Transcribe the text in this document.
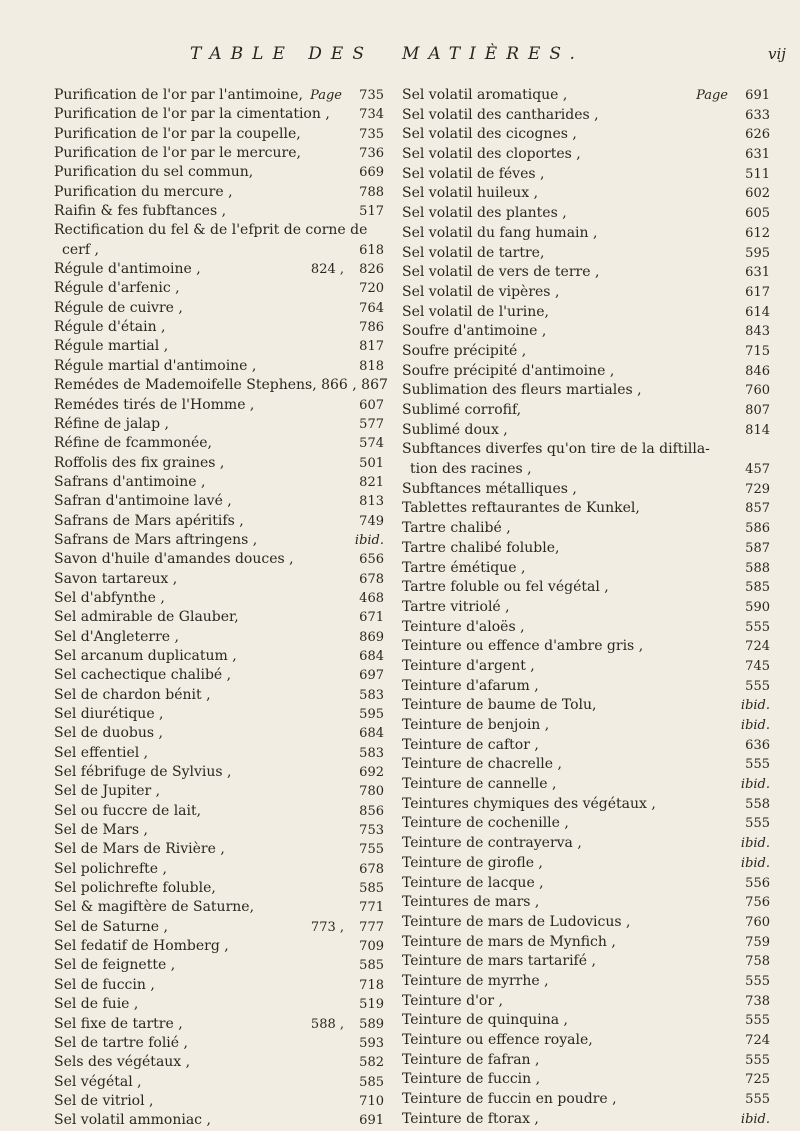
TABLE DES MATIÈRES.	vij
Purification de l'or par l'antimoine, Page 735
Purification de l'or par la cimentation , 734
Purification de l'or par la coupelle,	735
Purification de l'or par le mercure,	736
Purification du sel commun,	669
Purification du mercure ,	788
Raifin & fes fubftances ,	517
Rectification du fel & de l'efprit de corne de
cerf ,	618
Régule d'antimoine ,	824 , 826
Régule d'arfenic ,	720
Régule de cuivre ,	764
Régule d'étain ,	786
Régule martial ,	817
Régule martial d'antimoine ,	818
Remédes de Mademoifelle Stephens, 866 , 867
Remédes tirés de l'Homme ,	607
Réfine de jalap ,	577
Réfine de fcammonée,	574
Roffolis des fix graines ,	501
Safrans d'antimoine ,	821
Safran d'antimoine lavé ,	813
Safrans de Mars apéritifs ,	749
Safrans de Mars aftringens ,	ibid.
Savon d'huile d'amandes douces ,	656
Savon tartareux ,	678
Sel d'abfynthe ,	468
Sel admirable de Glauber,	671
Sel d'Angleterre ,	869
Sel arcanum duplicatum ,	684
Sel cachectique chalibé ,	697
Sel de chardon bénit ,	583
Sel diurétique ,	595
Sel de duobus ,	684
Sel effentiel ,	583
Sel fébrifuge de Sylvius ,	692
Sel de Jupiter ,	780
Sel ou fuccre de lait,	856
Sel de Mars ,	753
Sel de Mars de Rivière ,	755
Sel polichrefte ,	678
Sel polichrefte foluble,	585
Sel & magiftère de Saturne,	771
Sel de Saturne ,	773 , 777
Sel fedatif de Homberg ,	709
Sel de feignette ,	585
Sel de fuccin ,	718
Sel de fuie ,	519
Sel fixe de tartre ,	588 , 589
Sel de tartre folié ,	593
Sels des végétaux ,	582
Sel végétal ,	585
Sel de vitriol ,	710
Sel volatil ammoniac ,	691
Sel volatil aromatique ,	Page 691
Sel volatil des cantharides ,	633
Sel volatil des cicognes ,	626
Sel volatil des cloportes ,	631
Sel volatil de féves ,	511
Sel volatil huileux ,	602
Sel volatil des plantes ,	605
Sel volatil du fang humain ,	612
Sel volatil de tartre,	595
Sel volatil de vers de terre ,	631
Sel volatil de vipères ,	617
Sel volatil de l'urine,	614
Soufre d'antimoine ,	843
Soufre précipité ,	715
Soufre précipité d'antimoine ,	846
Sublimation des fleurs martiales ,	760
Sublimé corrofif,	807
Sublimé doux ,	814
Subftances diverfes qu'on tire de la diftilla-
tion des racines ,	457
Subftances métalliques ,	729
Tablettes reftaurantes de Kunkel,	857
Tartre chalibé ,	586
Tartre chalibé foluble,	587
Tartre émétique ,	588
Tartre foluble ou fel végétal ,	585
Tartre vitriolé ,	590
Teinture d'aloës ,	555
Teinture ou effence d'ambre gris ,	724
Teinture d'argent ,	745
Teinture d'afarum ,	555
Teinture de baume de Tolu,	ibid.
Teinture de benjoin ,	ibid.
Teinture de caftor ,	636
Teinture de chacrelle ,	555
Teinture de cannelle ,	ibid.
Teintures chymiques des végétaux ,	558
Teinture de cochenille ,	555
Teinture de contrayerva ,	ibid.
Teinture de girofle ,	ibid.
Teinture de lacque ,	556
Teintures de mars ,	756
Teinture de mars de Ludovicus ,	760
Teinture de mars de Mynfich ,	759
Teinture de mars tartarifé ,	758
Teinture de myrrhe ,	555
Teinture d'or ,	738
Teinture de quinquina ,	555
Teinture ou effence royale,	724
Teinture de fafran ,	555
Teinture de fuccin ,	725
Teinture de fuccin en poudre ,	555
Teinture de ftorax ,	ibid.
